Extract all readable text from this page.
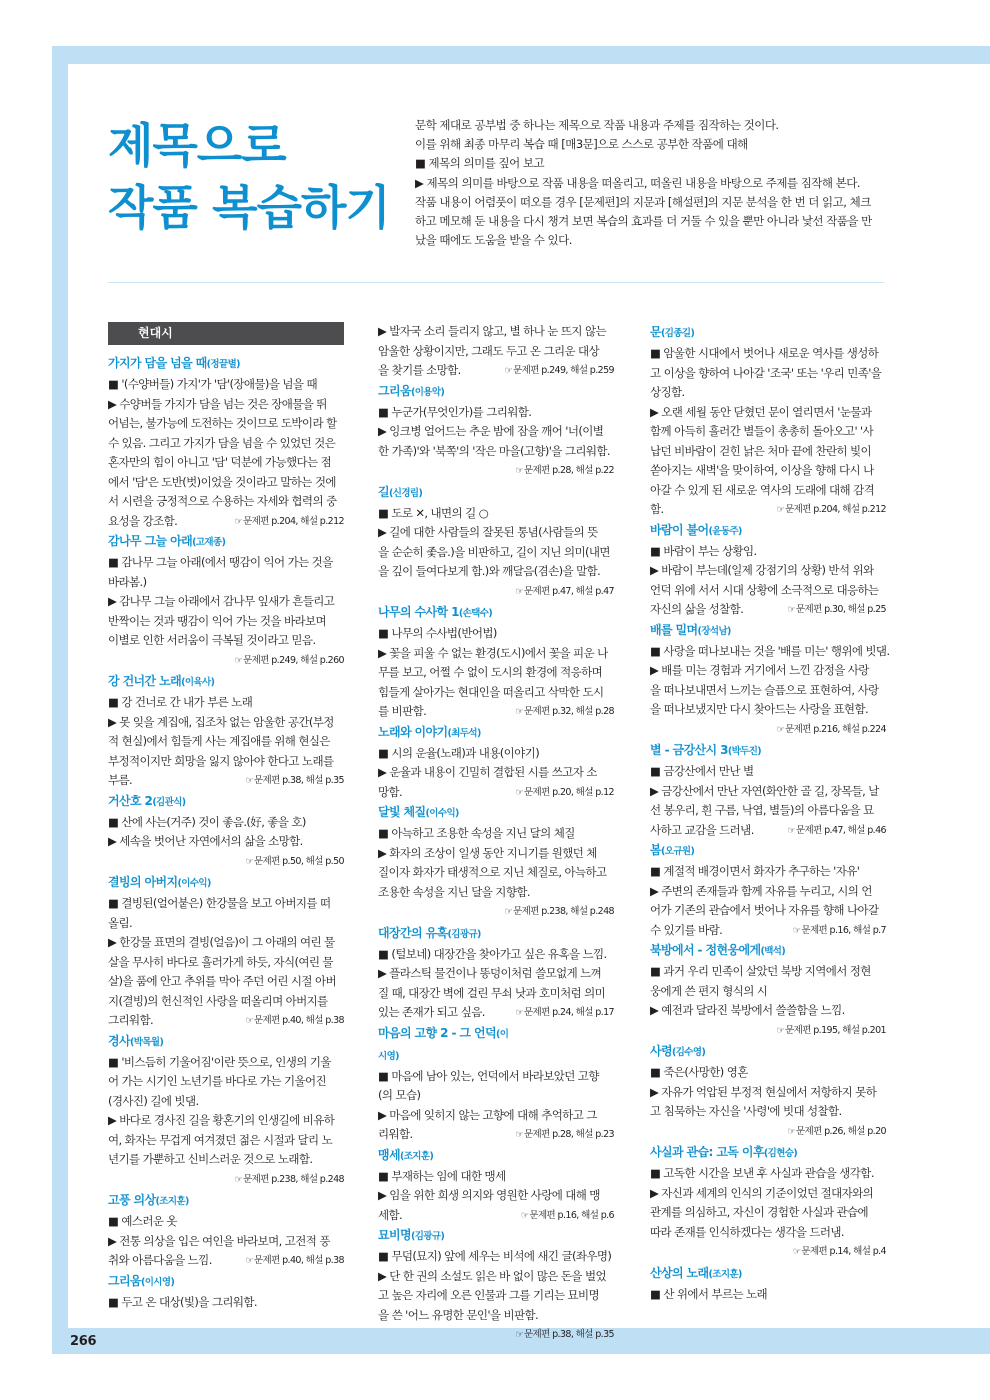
266
제목으로
작품 복습하기

문학 제대로 공부법 중 하나는 제목으로 작품 내용과 주제를 짐작하는 것이다.

이를 위해 최종 마무리 복습 때 [매3문]으로 스스로 공부한 작품에 대해

■ 제목의 의미를 짚어 보고

▶ 제목의 의미를 바탕으로 작품 내용을 떠올리고, 떠올린 내용을 바탕으로 주제를 짐작해 본다.

작품 내용이 어렴풋이 떠오를 경우 [문제편]의 지문과 [해설편]의 지문 분석을 한 번 더 읽고, 체크

하고 메모해 둔 내용을 다시 챙겨 보면 복습의 효과를 더 거둘 수 있을 뿐만 아니라 낯선 작품을 만

났을 때에도 도움을 받을 수 있다.

현대시
가지가 담을 넘을 때(정끝별)
■ '(수양버들) 가지'가 '담'(장애물)을 넘을 때
▶ 수양버들 가지가 담을 넘는 것은 장애물을 뛰
어넘는, 불가능에 도전하는 것이므로 도박이라 할
수 있음. 그리고 가지가 담을 넘을 수 있었던 것은
혼자만의 힘이 아니고 '담' 덕분에 가능했다는 점
에서 '담'은 도반(벗)이었을 것이라고 말하는 것에
서 시련을 긍정적으로 수용하는 자세와 협력의 중
요성을 강조함.	☞문제편 p.204, 해설 p.212
감나무 그늘 아래(고재종)
■ 감나무 그늘 아래(에서 땡감이 익어 가는 것을
바라봄.)
▶ 감나무 그늘 아래에서 감나무 잎새가 흔들리고
반짝이는 것과 땡감이 익어 가는 것을 바라보며
이별로 인한 서러움이 극복될 것이라고 믿음.
☞문제편 p.249, 해설 p.260
강 건너간 노래(이육사)
■ 강 건너로 간 내가 부른 노래
▶ 못 잊을 계집애, 집조차 없는 암울한 공간(부정
적 현실)에서 힘들게 사는 계집애를 위해 현실은
부정적이지만 희망을 잃지 않아야 한다고 노래를
부름.	☞문제편 p.38, 해설 p.35
거산호 2(김관식)
■ 산에 사는(거주) 것이 좋음.(好, 좋을 호)
▶ 세속을 벗어난 자연에서의 삶을 소망함.
☞문제편 p.50, 해설 p.50
결빙의 아버지(이수익)
■ 결빙된(얼어붙은) 한강물을 보고 아버지를 떠
올림.
▶ 한강물 표면의 결빙(얼음)이 그 아래의 여린 물
살을 무사히 바다로 흘러가게 하듯, 자식(여린 물
살)을 품에 안고 추위를 막아 주던 어린 시절 아버
지(결빙)의 헌신적인 사랑을 떠올리며 아버지를
그리워함.	☞문제편 p.40, 해설 p.38
경사(박목월)
■ '비스듬히 기울어짐'이란 뜻으로, 인생의 기울
어 가는 시기인 노년기를 바다로 가는 기울어진
(경사진) 길에 빗댐.
▶ 바다로 경사진 길을 황혼기의 인생길에 비유하
여, 화자는 무겁게 여겨졌던 젊은 시절과 달리 노
년기를 가뿐하고 신비스러운 것으로 노래함.
☞문제편 p.238, 해설 p.248
고풍 의상(조지훈)
■ 예스러운 옷
▶ 전통 의상을 입은 여인을 바라보며, 고전적 풍
취와 아름다움을 느낌.	☞문제편 p.40, 해설 p.38
그리움(이시영)
■ 두고 온 대상(빛)을 그리워함.
▶ 발자국 소리 들리지 않고, 별 하나 눈 뜨지 않는
암울한 상황이지만, 그래도 두고 온 그리운 대상
을 찾기를 소망함.	☞문제편 p.249, 해설 p.259
그리움(이용악)
■ 누군가(무엇인가)를 그리워함.
▶ 잉크병 얼어드는 추운 밤에 잠을 깨어 '너(이별
한 가족)'와 '북쪽'의 '작은 마을(고향)'을 그리워함.
☞문제편 p.28, 해설 p.22
길(신경림)
■ 도로 ✕, 내면의 길 ○
▶ 길에 대한 사람들의 잘못된 통념(사람들의 뜻
을 순순히 좇음.)을 비판하고, 길이 지닌 의미(내면
을 깊이 들여다보게 함.)와 깨달음(겸손)을 말함.
☞문제편 p.47, 해설 p.47
나무의 수사학 1(손택수)
■ 나무의 수사법(반어법)
▶ 꽃을 피울 수 없는 환경(도시)에서 꽃을 피운 나
무를 보고, 어쩔 수 없이 도시의 환경에 적응하며
힘들게 살아가는 현대인을 떠올리고 삭막한 도시
를 비판함.	☞문제편 p.32, 해설 p.28
노래와 이야기(최두석)
■ 시의 운율(노래)과 내용(이야기)
▶ 운율과 내용이 긴밀히 결합된 시를 쓰고자 소
망함.	☞문제편 p.20, 해설 p.12
달빛 체질(이수익)
■ 아늑하고 조용한 속성을 지닌 달의 체질
▶ 화자의 조상이 일생 동안 지니기를 원했던 체
질이자 화자가 태생적으로 지닌 체질로, 아늑하고
조용한 속성을 지닌 달을 지향함.
☞문제편 p.238, 해설 p.248
대장간의 유혹(김광규)
■ (털보네) 대장간을 찾아가고 싶은 유혹을 느낌.
▶ 플라스틱 물건이나 똥덩이처럼 쓸모없게 느껴
질 때, 대장간 벽에 걸린 무쇠 낫과 호미처럼 의미
있는 존재가 되고 싶음.	☞문제편 p.24, 해설 p.17
마음의 고향 2 - 그 언덕(이시영)
■ 마음에 남아 있는, 언덕에서 바라보았던 고향
(의 모습)
▶ 마음에 잊히지 않는 고향에 대해 추억하고 그
리워함.	☞문제편 p.28, 해설 p.23
맹세(조지훈)
■ 부재하는 임에 대한 맹세
▶ 임을 위한 희생 의지와 영원한 사랑에 대해 맹
세함.	☞문제편 p.16, 해설 p.6
묘비명(김광규)
■ 무덤(묘지) 앞에 세우는 비석에 새긴 글(좌우명)
▶ 단 한 권의 소설도 읽은 바 없이 많은 돈을 벌었
고 높은 자리에 오른 인물과 그를 기리는 묘비명
을 쓴 '어느 유명한 문인'을 비판함.
☞문제편 p.38, 해설 p.35
문(김종길)
■ 암울한 시대에서 벗어나 새로운 역사를 생성하
고 이상을 향하여 나아갈 '조국' 또는 '우리 민족'을
상징함.
▶ 오랜 세월 동안 닫혔던 문이 열리면서 '눈물과
함께 아득히 흘러간 별들이 총총히 돌아오고' '사
납던 비바람이 걷힌 낡은 처마 끝에 찬란히 빛이
쏟아지는 새벽'을 맞이하여, 이상을 향해 다시 나
아갈 수 있게 된 새로운 역사의 도래에 대해 감격
함.	☞문제편 p.204, 해설 p.212
바람이 불어(윤동주)
■ 바람이 부는 상황임.
▶ 바람이 부는데(일제 강점기의 상황) 반석 위와
언덕 위에 서서 시대 상황에 소극적으로 대응하는
자신의 삶을 성찰함.	☞문제편 p.30, 해설 p.25
배를 밀며(장석남)
■ 사랑을 떠나보내는 것을 '배를 미는' 행위에 빗댐.
▶ 배를 미는 경험과 거기에서 느낀 감정을 사랑
을 떠나보내면서 느끼는 슬픔으로 표현하여, 사랑
을 떠나보냈지만 다시 찾아드는 사랑을 표현함.
☞문제편 p.216, 해설 p.224
별 - 금강산시 3(박두진)
■ 금강산에서 만난 별
▶ 금강산에서 만난 자연(화안한 골 길, 장목들, 날
선 봉우리, 흰 구름, 낙엽, 별들)의 아름다움을 묘
사하고 교감을 드러냄.	☞문제편 p.47, 해설 p.46
봄(오규원)
■ 계절적 배경이면서 화자가 추구하는 '자유'
▶ 주변의 존재들과 함께 자유를 누리고, 시의 언
어가 기존의 관습에서 벗어나 자유를 향해 나아갈
수 있기를 바람.	☞문제편 p.16, 해설 p.7
북방에서 - 정현웅에게(백석)
■ 과거 우리 민족이 살았던 북방 지역에서 정현
웅에게 쓴 편지 형식의 시
▶ 예전과 달라진 북방에서 쓸쓸함을 느낌.
☞문제편 p.195, 해설 p.201
사령(김수영)
■ 죽은(사망한) 영혼
▶ 자유가 억압된 부정적 현실에서 저항하지 못하
고 침묵하는 자신을 '사령'에 빗대 성찰함.
☞문제편 p.26, 해설 p.20
사실과 관습: 고독 이후(김현승)
■ 고독한 시간을 보낸 후 사실과 관습을 생각함.
▶ 자신과 세계의 인식의 기준이었던 절대자와의
관계를 의심하고, 자신이 경험한 사실과 관습에
따라 존재를 인식하겠다는 생각을 드러냄.
☞문제편 p.14, 해설 p.4
산상의 노래(조지훈)
■ 산 위에서 부르는 노래
